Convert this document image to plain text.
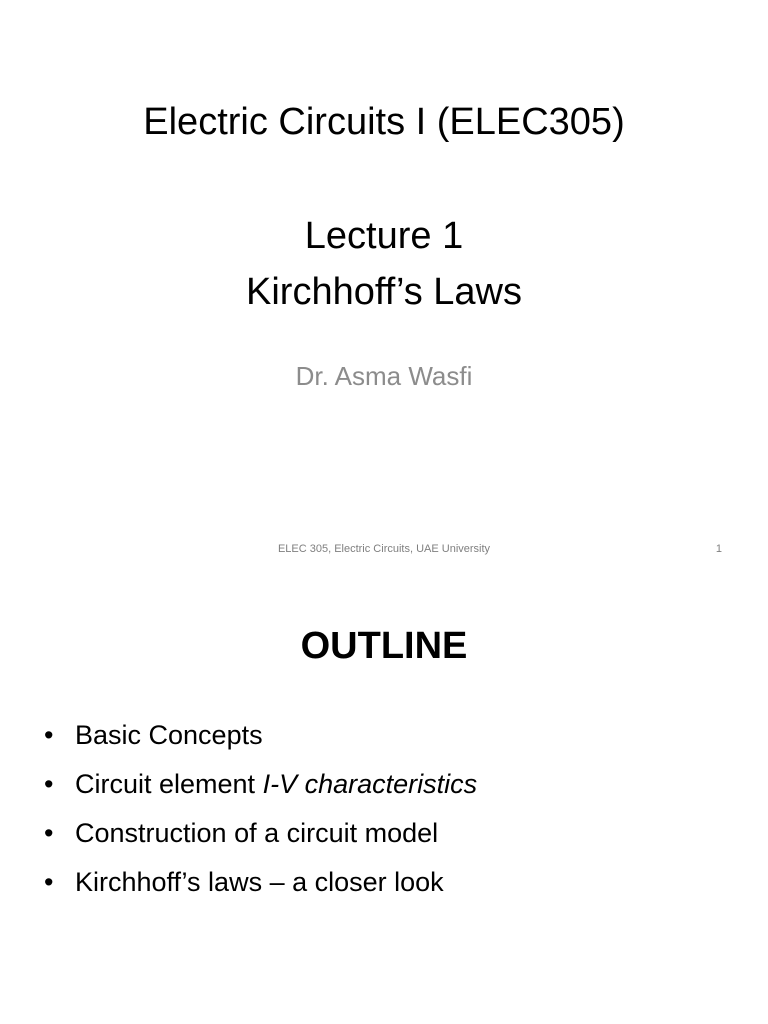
Electric Circuits I (ELEC305)
Lecture 1
Kirchhoff’s Laws
Dr. Asma Wasfi
ELEC 305, Electric Circuits, UAE University	1
OUTLINE
• Basic Concepts
• Circuit element I-V characteristics
• Construction of a circuit model
• Kirchhoff’s laws – a closer look
